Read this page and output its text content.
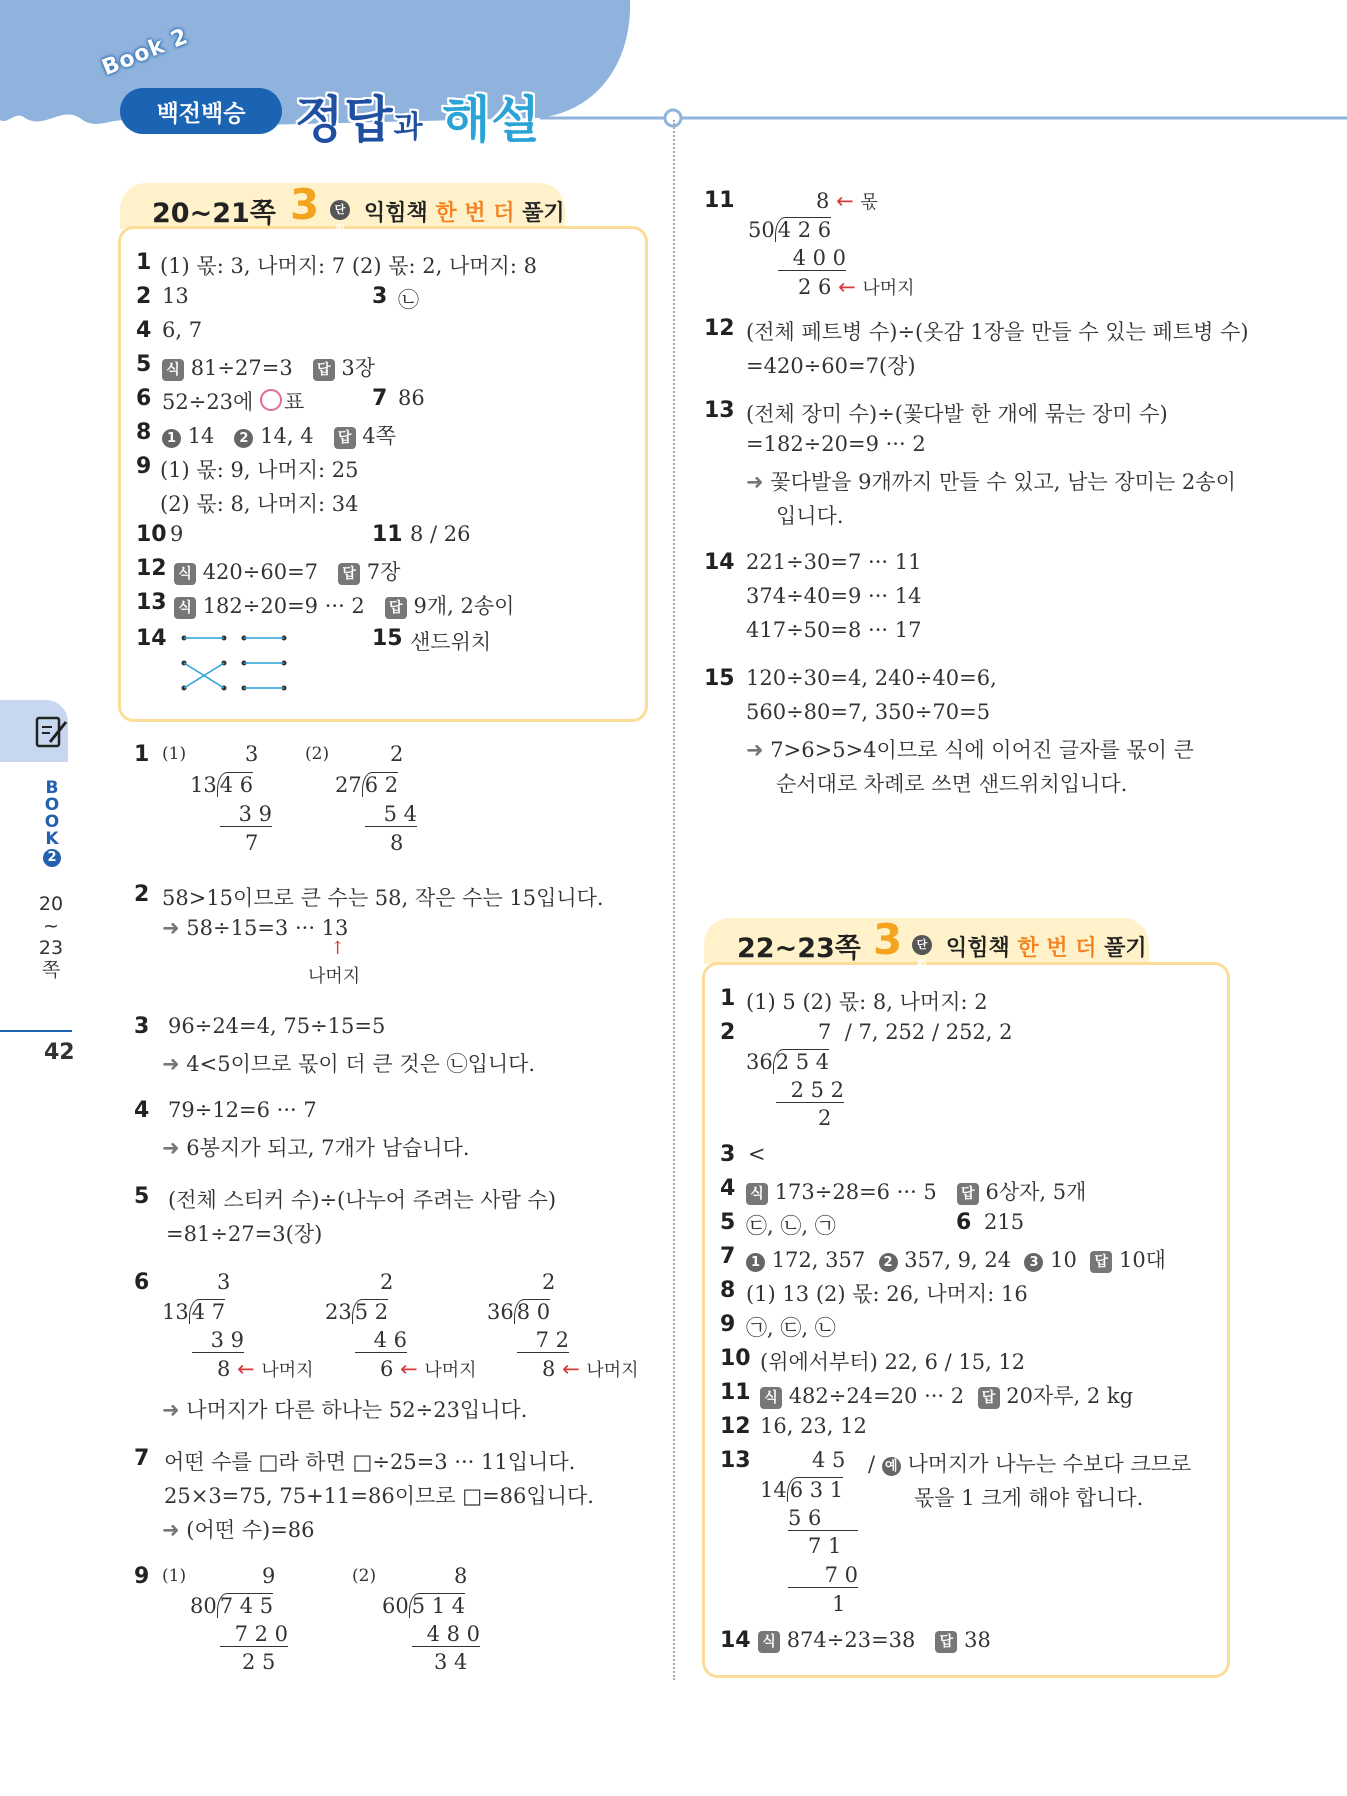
Book 2
백전백승 정답과 해설
B
O
O
K
2
20
~
23
쪽
42
20~21쪽 3	단원
익힘책 한 번 더 풀기
1 (1) 몫: 3, 나머지: 7 (2) 몫: 2, 나머지: 8
2 13	3 ㉡
4 6, 7
5	식 81÷27=3 답 3장
6 52÷23에 ○ 표	7 86
8	1 14 2 14, 4 답 4쪽
9 (1) 몫: 9, 나머지: 25
(2) 몫: 8, 나머지: 34
10 9	11 8 / 26
12 식 420÷60=7 답 7장
13 식 182÷20=9 ··· 2 답 9개, 2송이
14	15 샌드위치
1 (1)	(2)
3
13 4 6
3 9
7
2
27 6 2
5 4
8
2 58>15이므로 큰 수는 58, 작은 수는 15입니다.
➜ 58÷15=3 ··· 13
↑
나머지
3 96÷24=4, 75÷15=5
➜ 4<5이므로 몫이 더 큰 것은 ㉡입니다.
4 79÷12=6 ··· 7
➜ 6봉지가 되고, 7개가 남습니다.
5 (전체 스티커 수)÷(나누어 주려는 사람 수)
=81÷27=3(장)
6	3
13 4 7
3 9
8 ← 나머지
2
23 5 2
4 6
6 ← 나머지
2
36 8 0
7 2
8 ← 나머지
➜ 나머지가 다른 하나는 52÷23입니다.
7 어떤 수를 □라 하면 □÷25=3 ··· 11입니다.
25×3=75, 75+11=86이므로 □=86입니다.
➜ (어떤 수)=86
9 (1)	(2)
9
80 7 4 5
7 2 0
2 5
8
60 5 1 4
4 8 0
3 4
11	8 ← 몫
50 4 2 6
4 0 0
2 6 ← 나머지
12 (전체 페트병 수)÷(옷감 1장을 만들 수 있는 페트병 수)
=420÷60=7(장)
13 (전체 장미 수)÷(꽃다발 한 개에 묶는 장미 수)
=182÷20=9 ··· 2
➜ 꽃다발을 9개까지 만들 수 있고, 남는 장미는 2송이
입니다.
14 221÷30=7 ··· 11
374÷40=9 ··· 14
417÷50=8 ··· 17
15 120÷30=4, 240÷40=6,
560÷80=7, 350÷70=5
➜ 7>6>5>4이므로 식에 이어진 글자를 몫이 큰
순서대로 차례로 쓰면 샌드위치입니다.
22~23쪽 3	단원
익힘책 한 번 더 풀기
1 (1) 5 (2) 몫: 8, 나머지: 2
2	7 / 7, 252 / 252, 2
36 2 5 4
2 5 2
2
3 <
4	식 173÷28=6 ··· 5 답 6상자, 5개
5 ㉢, ㉡, ㉠	6 215
7	1 172, 357 2 357, 9, 24 3 10 답 10대
8 (1) 13 (2) 몫: 26, 나머지: 16
9 ㉠, ㉢, ㉡
10 (위에서부터) 22, 6 / 15, 12
11 식 482÷24=20 ··· 2 답 20자루, 2 kg
12 16, 23, 12
13	4 5
14 6 3 1
5 6
7 1
7 0
1
/ 예 나머지가 나누는 수보다 크므로
몫을 1 크게 해야 합니다.
14 식 874÷23=38 답 38
